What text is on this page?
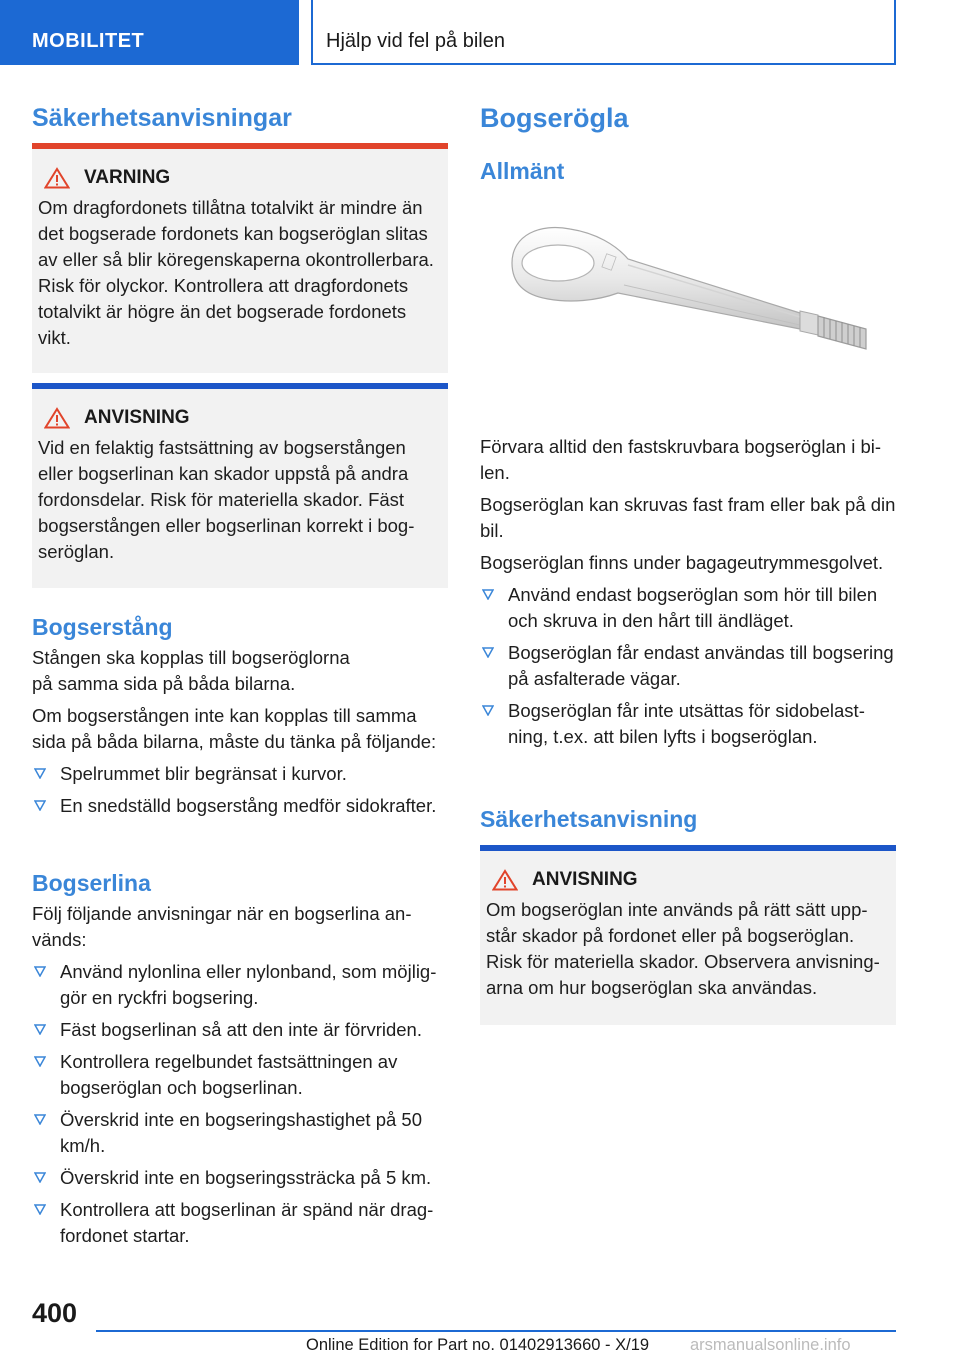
MOBILITET	Hjälp vid fel på bilen
Säkerhetsanvisningar
VARNING
Om dragfordonets tillåtna totalvikt är mindre än det bogserade fordonets kan bogseröglan slitas av eller så blir köregenskaperna okontrollerbara. Risk för olyckor. Kontrollera att dragfordonets totalvikt är högre än det bogserade fordonets vikt.
ANVISNING
Vid en felaktig fastsättning av bogserstången eller bogserlinan kan skador uppstå på andra fordonsdelar. Risk för materiella skador. Fäst bogserstången eller bogserlinan korrekt i bogseröglan.
Bogserstång
Stången ska kopplas till bogseröglorna på samma sida på båda bilarna.
Om bogserstången inte kan kopplas till samma sida på båda bilarna, måste du tänka på följande:
Spelrummet blir begränsat i kurvor.
En snedställd bogserstång medför sidokrafter.
Bogserlina
Följ följande anvisningar när en bogserlina används:
Använd nylonlina eller nylonband, som möjliggör en ryckfri bogsering.
Fäst bogserlinan så att den inte är förvriden.
Kontrollera regelbundet fastsättningen av bogseröglan och bogserlinan.
Överskrid inte en bogseringshastighet på 50 km/h.
Överskrid inte en bogseringssträcka på 5 km.
Kontrollera att bogserlinan är spänd när dragfordonet startar.
Bogserögla
Allmänt
Förvara alltid den fastskruvbara bogseröglan i bilen.
Bogseröglan kan skruvas fast fram eller bak på din bil.
Bogseröglan finns under bagageutrymmesgolvet.
Använd endast bogseröglan som hör till bilen och skruva in den hårt till ändläget.
Bogseröglan får endast användas till bogsering på asfalterade vägar.
Bogseröglan får inte utsättas för sidobelastning, t.ex. att bilen lyfts i bogseröglan.
Säkerhetsanvisning
ANVISNING
Om bogseröglan inte används på rätt sätt uppstår skador på fordonet eller på bogseröglan. Risk för materiella skador. Observera anvisningarna om hur bogseröglan ska användas.
400
Online Edition for Part no. 01402913660 - X/19 arsmanualsonline.info
